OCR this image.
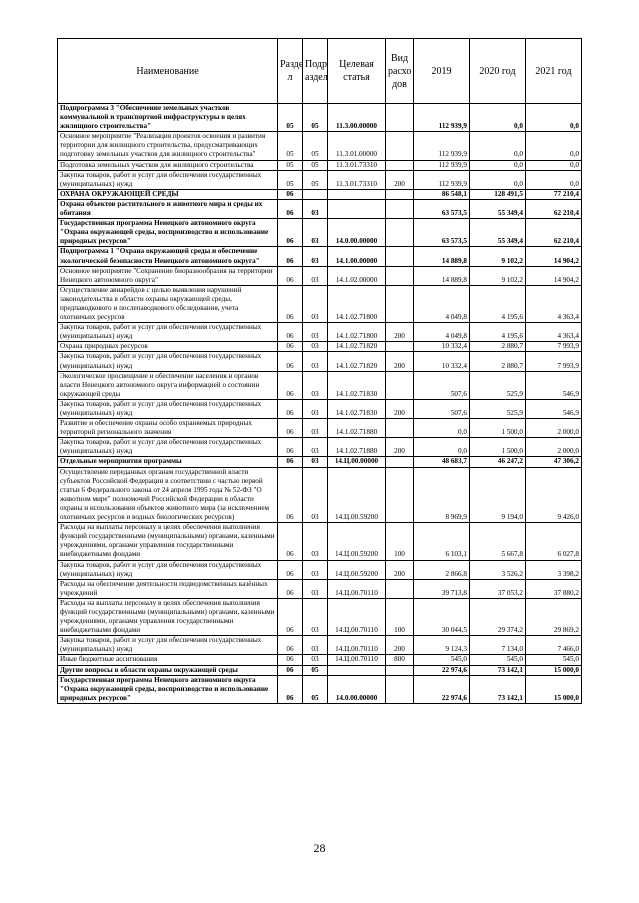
Наименование	Разде л	Подр аздел	Целевая статья	Вид расхо дов	2019	2020 год	2021 год
Подпрограмма 3 "Обеспечение земельных участков коммунальной и транспортной инфраструктуры в целях жилищного строительства"	05	05	11.3.00.00000		112 939,9	0,0	0,0
Основное мероприятие "Реализация проектов освоения и развития территории для жилищного строительства, предусматривающих подготовку земельных участков для жилищного строительства"	05	05	11.3.01.00000		112 939,9	0,0	0,0
Подготовка земельных участков для жилищного строительства	05	05	11.3.01.73310		112 939,9	0,0	0,0
Закупка товаров, работ и услуг для обеспечения государственных (муниципальных) нужд	05	05	11.3.01.73310	200	112 939,9	0,0	0,0
ОХРАНА ОКРУЖАЮЩЕЙ СРЕДЫ	06				86 548,1	128 491,5	77 210,4
Охрана объектов растительного и животного мира и среды их обитания	06	03			63 573,5	55 349,4	62 210,4
Государственная программа Ненецкого автономного округа "Охрана окружающей среды, воспроизводство и использование природных ресурсов"	06	03	14.0.00.00000		63 573,5	55 349,4	62 210,4
Подпрограмма 1 "Охрана окружающей среды и обеспечение экологической безопасности Ненецкого автономного округа"	06	03	14.1.00.00000		14 889,8	9 102,2	14 904,2
Основное мероприятие "Сохранение биоразнообразия на территории Ненецкого автономного округа"	06	03	14.1.02.00000		14 889,8	9 102,2	14 904,2
Осуществление авиарейдов с целью выявления нарушений законодательства в области охраны окружающей среды, предпаводкового и послепаводкового обследования, учета охотничьих ресурсов	06	03	14.1.02.71800		4 049,8	4 195,6	4 363,4
Закупка товаров, работ и услуг для обеспечения государственных (муниципальных) нужд	06	03	14.1.02.71800	200	4 049,8	4 195,6	4 363,4
Охрана природных ресурсов	06	03	14.1.02.71820		10 332,4	2 880,7	7 993,9
Закупка товаров, работ и услуг для обеспечения государственных (муниципальных) нужд	06	03	14.1.02.71820	200	10 332,4	2 880,7	7 993,9
Экологическое просвещение и обеспечение населения и органов власти Ненецкого автономного округа информацией о состоянии окружающей среды	06	03	14.1.02.71830		507,6	525,9	546,9
Закупка товаров, работ и услуг для обеспечения государственных (муниципальных) нужд	06	03	14.1.02.71830	200	507,6	525,9	546,9
Развитие и обеспечение охраны особо охраняемых природных территорий регионального значения	06	03	14.1.02.71880		0,0	1 500,0	2 000,0
Закупка товаров, работ и услуг для обеспечения государственных (муниципальных) нужд	06	03	14.1.02.71880	200	0,0	1 500,0	2 000,0
Отдельные мероприятия программы	06	03	14.Ц.00.00000		48 683,7	46 247,2	47 306,2
Осуществление переданных органам государственной власти субъектов Российской Федерации в соответствии с частью первой статьи 6 Федерального закона от 24 апреля 1995 года № 52-ФЗ "О животном мире" полномочий Российской Федерации в области охраны и использования объектов животного мира (за исключением охотничьих ресурсов и водных биологических ресурсов)	06	03	14.Ц.00.59200		8 969,9	9 194,0	9 426,0
Расходы на выплаты персоналу в целях обеспечения выполнения функций государственными (муниципальными) органами, казенными учреждениями, органами управления государственными внебюджетными фондами	06	03	14.Ц.00.59200	100	6 103,1	5 667,8	6 027,8
Закупка товаров, работ и услуг для обеспечения государственных (муниципальных) нужд	06	03	14.Ц.00.59200	200	2 866,8	3 526,2	3 398,2
Расходы на обеспечение деятельности подведомственных казённых учреждений	06	03	14.Ц.00.70110		39 713,8	37 053,2	37 880,2
Расходы на выплаты персоналу в целях обеспечения выполнения функций государственными (муниципальными) органами, казенными учреждениями, органами управления государственными внебюджетными фондами	06	03	14.Ц.00.70110	100	30 044,5	29 374,2	29 869,2
Закупка товаров, работ и услуг для обеспечения государственных (муниципальных) нужд	06	03	14.Ц.00.70110	200	9 124,3	7 134,0	7 466,0
Иные бюджетные ассигнования	06	03	14.Ц.00.70110	800	545,0	545,0	545,0
Другие вопросы в области охраны окружающей среды	06	05			22 974,6	73 142,1	15 000,0
Государственная программа Ненецкого автономного округа "Охрана окружающей среды, воспроизводство и использование природных ресурсов"	06	05	14.0.00.00000		22 974,6	73 142,1	15 000,0
28
